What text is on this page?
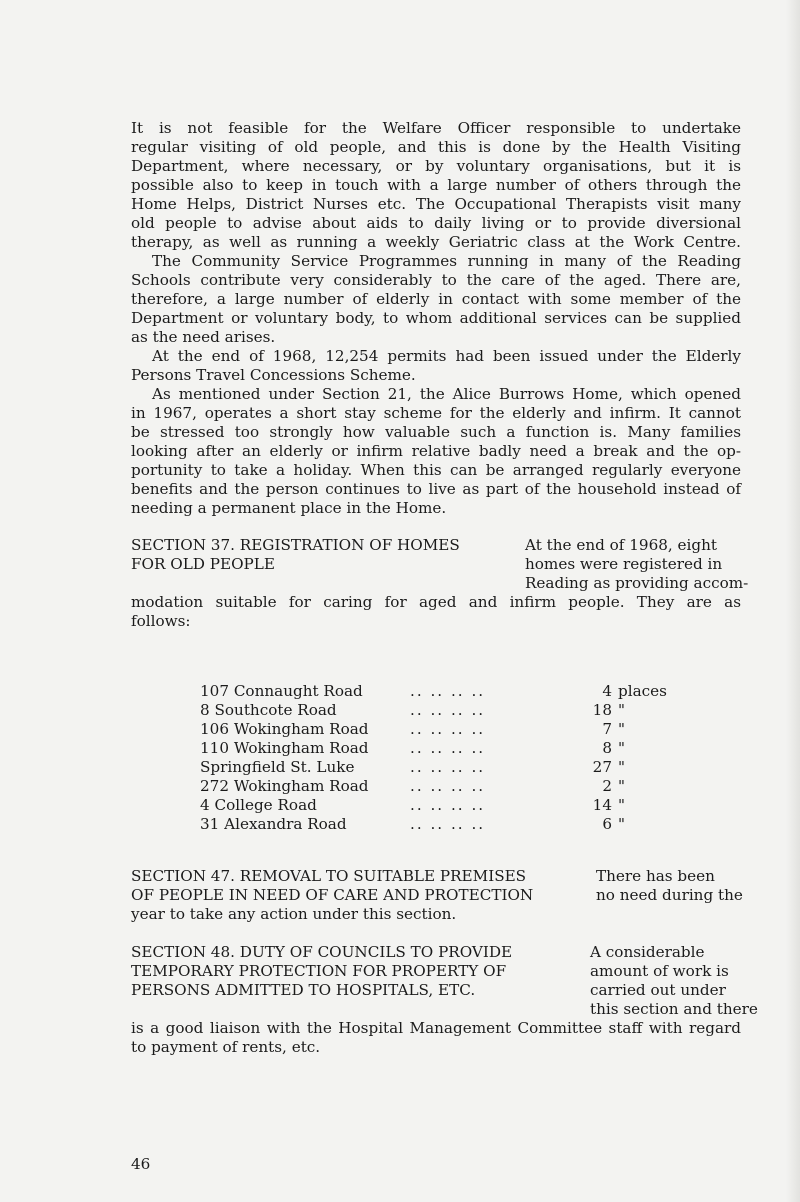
It is not feasible for the Welfare Officer responsible to undertake
regular visiting of old people, and this is done by the Health Visiting
Department, where necessary, or by voluntary organisations, but it is
possible also to keep in touch with a large number of others through the
Home Helps, District Nurses etc. The Occupational Therapists visit many
old people to advise about aids to daily living or to provide diversional
therapy, as well as running a weekly Geriatric class at the Work Centre.
The Community Service Programmes running in many of the Reading
Schools contribute very considerably to the care of the aged. There are,
therefore, a large number of elderly in contact with some member of the
Department or voluntary body, to whom additional services can be supplied
as the need arises.
At the end of 1968, 12,254 permits had been issued under the Elderly
Persons Travel Concessions Scheme.
As mentioned under Section 21, the Alice Burrows Home, which opened
in 1967, operates a short stay scheme for the elderly and infirm. It cannot
be stressed too strongly how valuable such a function is. Many families
looking after an elderly or infirm relative badly need a break and the op-
portunity to take a holiday. When this can be arranged regularly everyone
benefits and the person continues to live as part of the household instead of
needing a permanent place in the Home.
SECTION 37. REGISTRATION OF HOMES
FOR OLD PEOPLE
At the end of 1968, eight
homes were registered in
Reading as providing accom-
modation suitable for caring for aged and infirm people. They are as
follows:
107 Connaught Road	.. .. .. ..	4 places
8 Southcote Road	.. .. .. ..	18 "
106 Wokingham Road	.. .. .. ..	7 "
110 Wokingham Road	.. .. .. ..	8 "
Springfield St. Luke	.. .. .. ..	27 "
272 Wokingham Road	.. .. .. ..	2 "
4 College Road	.. .. .. ..	14 "
31 Alexandra Road	.. .. .. ..	6 "
SECTION 47. REMOVAL TO SUITABLE PREMISES
OF PEOPLE IN NEED OF CARE AND PROTECTION
There has been
no need during the
year to take any action under this section.
SECTION 48. DUTY OF COUNCILS TO PROVIDE
TEMPORARY PROTECTION FOR PROPERTY OF
PERSONS ADMITTED TO HOSPITALS, ETC.
A considerable
amount of work is
carried out under
this section and there
is a good liaison with the Hospital Management Committee staff with regard
to payment of rents, etc.
46
